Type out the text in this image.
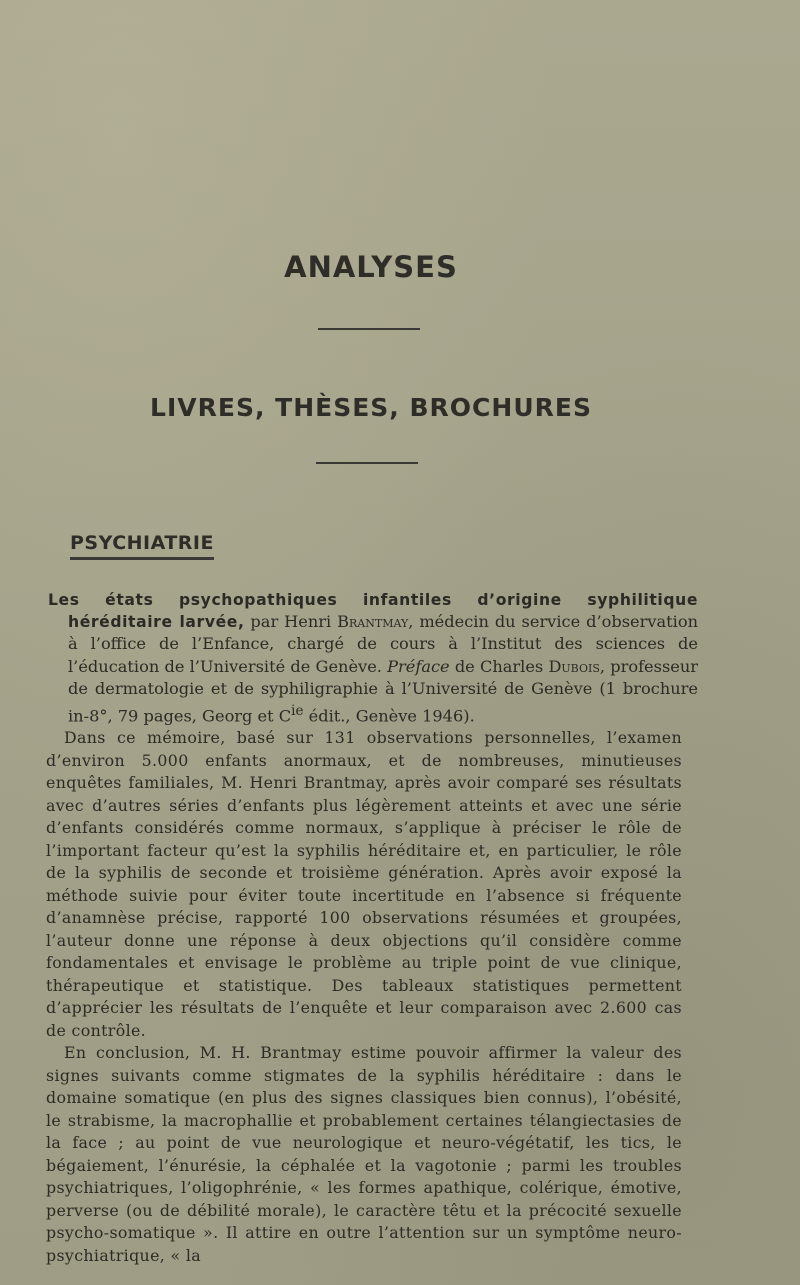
ANALYSES
LIVRES, THÈSES, BROCHURES
PSYCHIATRIE

Les états psychopathiques infantiles d’origine syphilitique héréditaire larvée, par Henri Brantmay, médecin du service d’observation à l’office de l’Enfance, chargé de cours à l’Institut des sciences de l’éducation de l’Université de Genève. Préface de Charles Dubois, professeur de dermatologie et de syphiligraphie à l’Université de Genève (1 brochure in-8°, 79 pages, Georg et $C^{ie}$ édit., Genève 1946).

Dans ce mémoire, basé sur 131 observations personnelles, l’examen d’environ 5.000 enfants anormaux, et de nombreuses, minutieuses enquêtes familiales, M. Henri Brantmay, après avoir comparé ses résultats avec d’autres séries d’enfants plus légèrement atteints et avec une série d’enfants considérés comme normaux, s’applique à préciser le rôle de l’important facteur qu’est la syphilis héréditaire et, en particulier, le rôle de la syphilis de seconde et troisième génération. Après avoir exposé la méthode suivie pour éviter toute incertitude en l’absence si fréquente d’anamnèse précise, rapporté 100 observations résumées et groupées, l’auteur donne une réponse à deux objections qu’il considère comme fondamentales et envisage le problème au triple point de vue clinique, thérapeutique et statistique. Des tableaux statistiques permettent d’apprécier les résultats de l’enquête et leur comparaison avec 2.600 cas de contrôle.

En conclusion, M. H. Brantmay estime pouvoir affirmer la valeur des signes suivants comme stigmates de la syphilis héréditaire : dans le domaine somatique (en plus des signes classiques bien connus), l’obésité, le strabisme, la macrophallie et probablement certaines télangiectasies de la face ; au point de vue neurologique et neuro-végétatif, les tics, le bégaiement, l’énurésie, la céphalée et la vagotonie ; parmi les troubles psychiatriques, l’oligophrénie, « les formes apathique, colérique, émotive, perverse (ou de débilité morale), le caractère têtu et la précocité sexuelle psycho-somatique ». Il attire en outre l’attention sur un symptôme neuro-psychiatrique, « la
